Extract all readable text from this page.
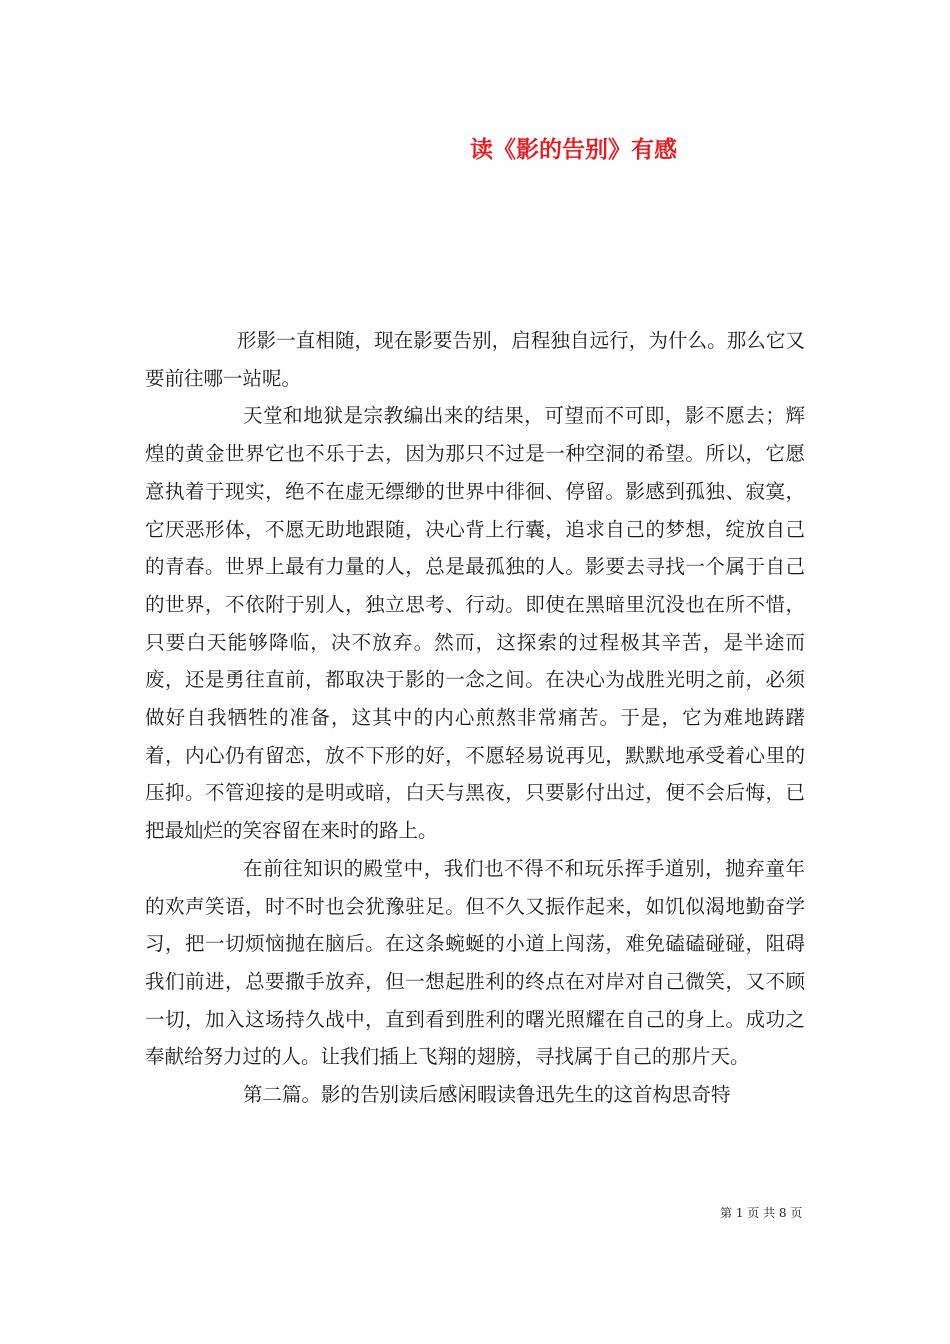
读《影的告别》有感

形影一直相随，现在影要告别，启程独自远行，为什么。那么它又要前往哪一站呢。

天堂和地狱是宗教编出来的结果，可望而不可即，影不愿去；辉煌的黄金世界它也不乐于去，因为那只不过是一种空洞的希望。所以，它愿意执着于现实，绝不在虚无缥缈的世界中徘徊、停留。影感到孤独、寂寞，它厌恶形体，不愿无助地跟随，决心背上行囊，追求自己的梦想，绽放自己的青春。世界上最有力量的人，总是最孤独的人。影要去寻找一个属于自己的世界，不依附于别人，独立思考、行动。即使在黑暗里沉没也在所不惜，只要白天能够降临，决不放弃。然而，这探索的过程极其辛苦，是半途而废，还是勇往直前，都取决于影的一念之间。在决心为战胜光明之前，必须做好自我牺牲的准备，这其中的内心煎熬非常痛苦。于是，它为难地踌躇着，内心仍有留恋，放不下形的好，不愿轻易说再见，默默地承受着心里的压抑。不管迎接的是明或暗，白天与黑夜，只要影付出过，便不会后悔，已把最灿烂的笑容留在来时的路上。

在前往知识的殿堂中，我们也不得不和玩乐挥手道别，抛弃童年的欢声笑语，时不时也会犹豫驻足。但不久又振作起来，如饥似渴地勤奋学习，把一切烦恼抛在脑后。在这条蜿蜒的小道上闯荡，难免磕磕碰碰，阻碍我们前进，总要撒手放弃，但一想起胜利的终点在对岸对自己微笑，又不顾一切，加入这场持久战中，直到看到胜利的曙光照耀在自己的身上。成功之奉献给努力过的人。让我们插上飞翔的翅膀，寻找属于自己的那片天。

第二篇。影的告别读后感闲暇读鲁迅先生的这首构思奇特

第 1 页 共 8 页
